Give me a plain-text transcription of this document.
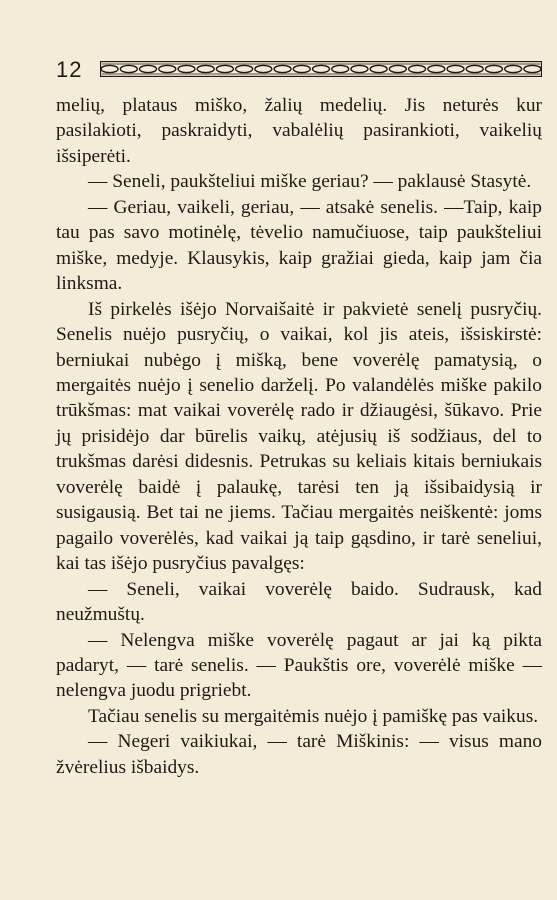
12

melių, plataus miško, žalių medelių. Jis neturės kur pasilakioti, paskraidyti, vabalėlių pasirankioti, vaikelių išsiperėti.

— Seneli, paukšteliui miške geriau? — paklausė Stasytė.

— Geriau, vaikeli, geriau, — atsakė senelis. —Taip, kaip tau pas savo motinėlę, tėvelio namučiuose, taip paukšteliui miške, medyje. Klausykis, kaip gražiai gieda, kaip jam čia linksma.

Iš pirkelės išėjo Norvaišaitė ir pakvietė senelį pusryčių. Senelis nuėjo pusryčių, o vaikai, kol jis ateis, išsiskirstė: berniukai nubėgo į mišką, bene voverėlę pamatysią, o mergaitės nuėjo į senelio darželį. Po valandėlės miške pakilo trūkšmas: mat vaikai voverėlę rado ir džiaugėsi, šūkavo. Prie jų prisidėjo dar būrelis vaikų, atėjusių iš sodžiaus, del to trukšmas darėsi didesnis. Petrukas su keliais kitais berniukais voverėlę baidė į palaukę, tarėsi ten ją išsibaidysią ir susigausią. Bet tai ne jiems. Tačiau mergaitės neiškentė: joms pagailo voverėlės, kad vaikai ją taip gąsdino, ir tarė seneliui, kai tas išėjo pusryčius pavalgęs:

— Seneli, vaikai voverėlę baido. Sudrausk, kad neužmuštų.

— Nelengva miške voverėlę pagaut ar jai ką pikta padaryt, — tarė senelis. — Paukštis ore, voverėlė miške — nelengva juodu prigriebt.

Tačiau senelis su mergaitėmis nuėjo į pamiškę pas vaikus.

— Negeri vaikiukai, — tarė Miškinis: — visus mano žvėrelius išbaidys.
